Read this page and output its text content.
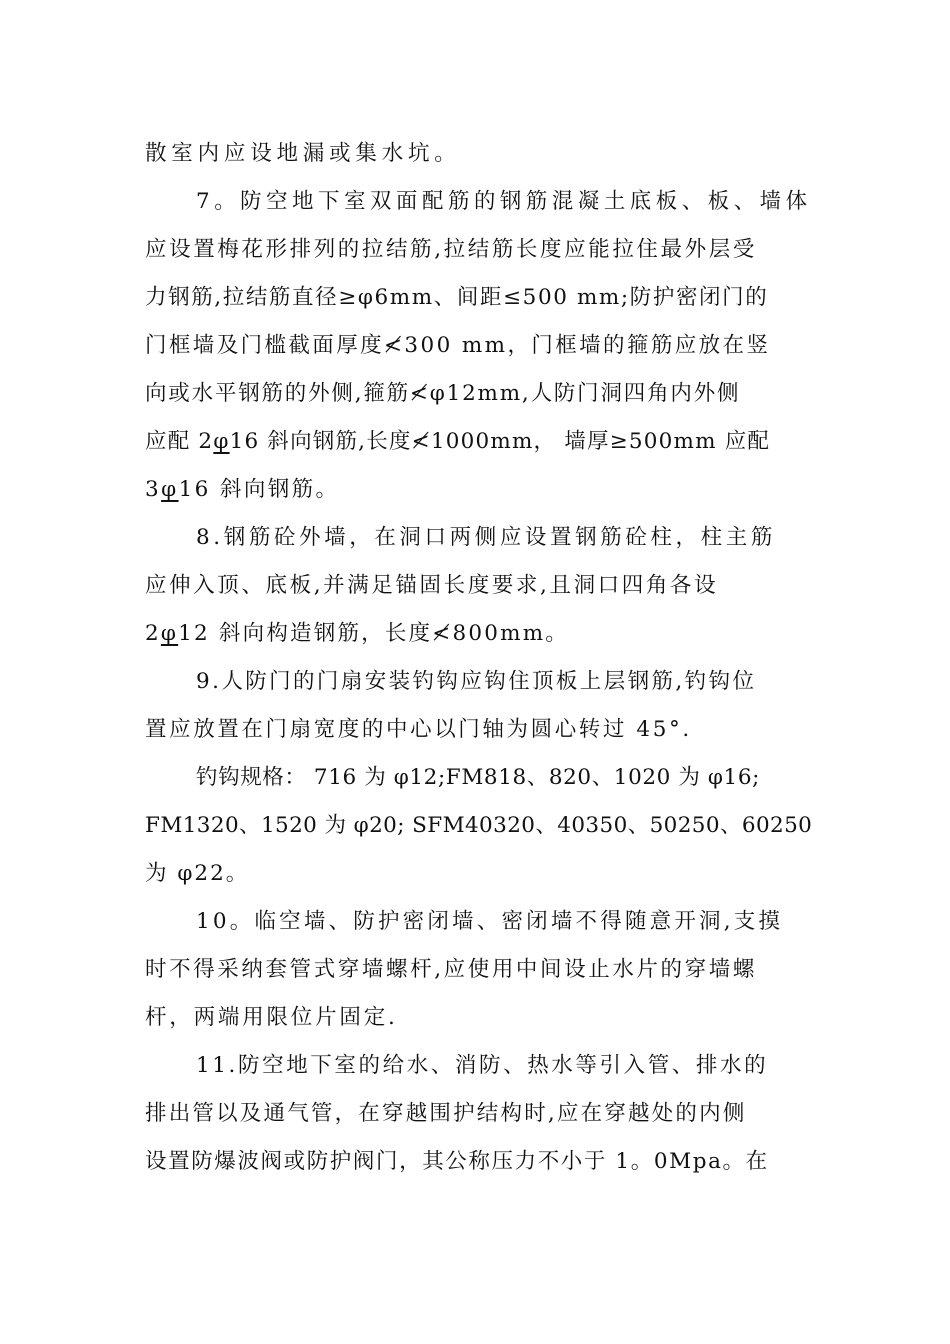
散室内应设地漏或集水坑。
7。防空地下室双面配筋的钢筋混凝土底板、板、墙体
应设置梅花形排列的拉结筋,拉结筋长度应能拉住最外层受
力钢筋,拉结筋直径≥φ6mm、间距≤500 mm;防护密闭门的
门框墙及门槛截面厚度≮300 mm，门框墙的箍筋应放在竖
向或水平钢筋的外侧,箍筋≮φ12mm,人防门洞四角内外侧
应配 2φ16 斜向钢筋,长度≮1000mm， 墙厚≥500mm 应配
3φ16 斜向钢筋。
8.钢筋砼外墙，在洞口两侧应设置钢筋砼柱，柱主筋
应伸入顶、底板,并满足锚固长度要求,且洞口四角各设
2φ12 斜向构造钢筋，长度≮800mm。
9.人防门的门扇安装钓钩应钩住顶板上层钢筋,钓钩位
置应放置在门扇宽度的中心以门轴为圆心转过 45°.
钓钩规格： 716 为 φ12;FM818、820、1020 为 φ16;
FM1320、1520 为 φ20; SFM40320、40350、50250、60250
为 φ22。
10。临空墙、防护密闭墙、密闭墙不得随意开洞,支摸
时不得采纳套管式穿墙螺杆,应使用中间设止水片的穿墙螺
杆，两端用限位片固定.
11.防空地下室的给水、消防、热水等引入管、排水的
排出管以及通气管，在穿越围护结构时,应在穿越处的内侧
设置防爆波阀或防护阀门，其公称压力不小于 1。0Mpa。在
